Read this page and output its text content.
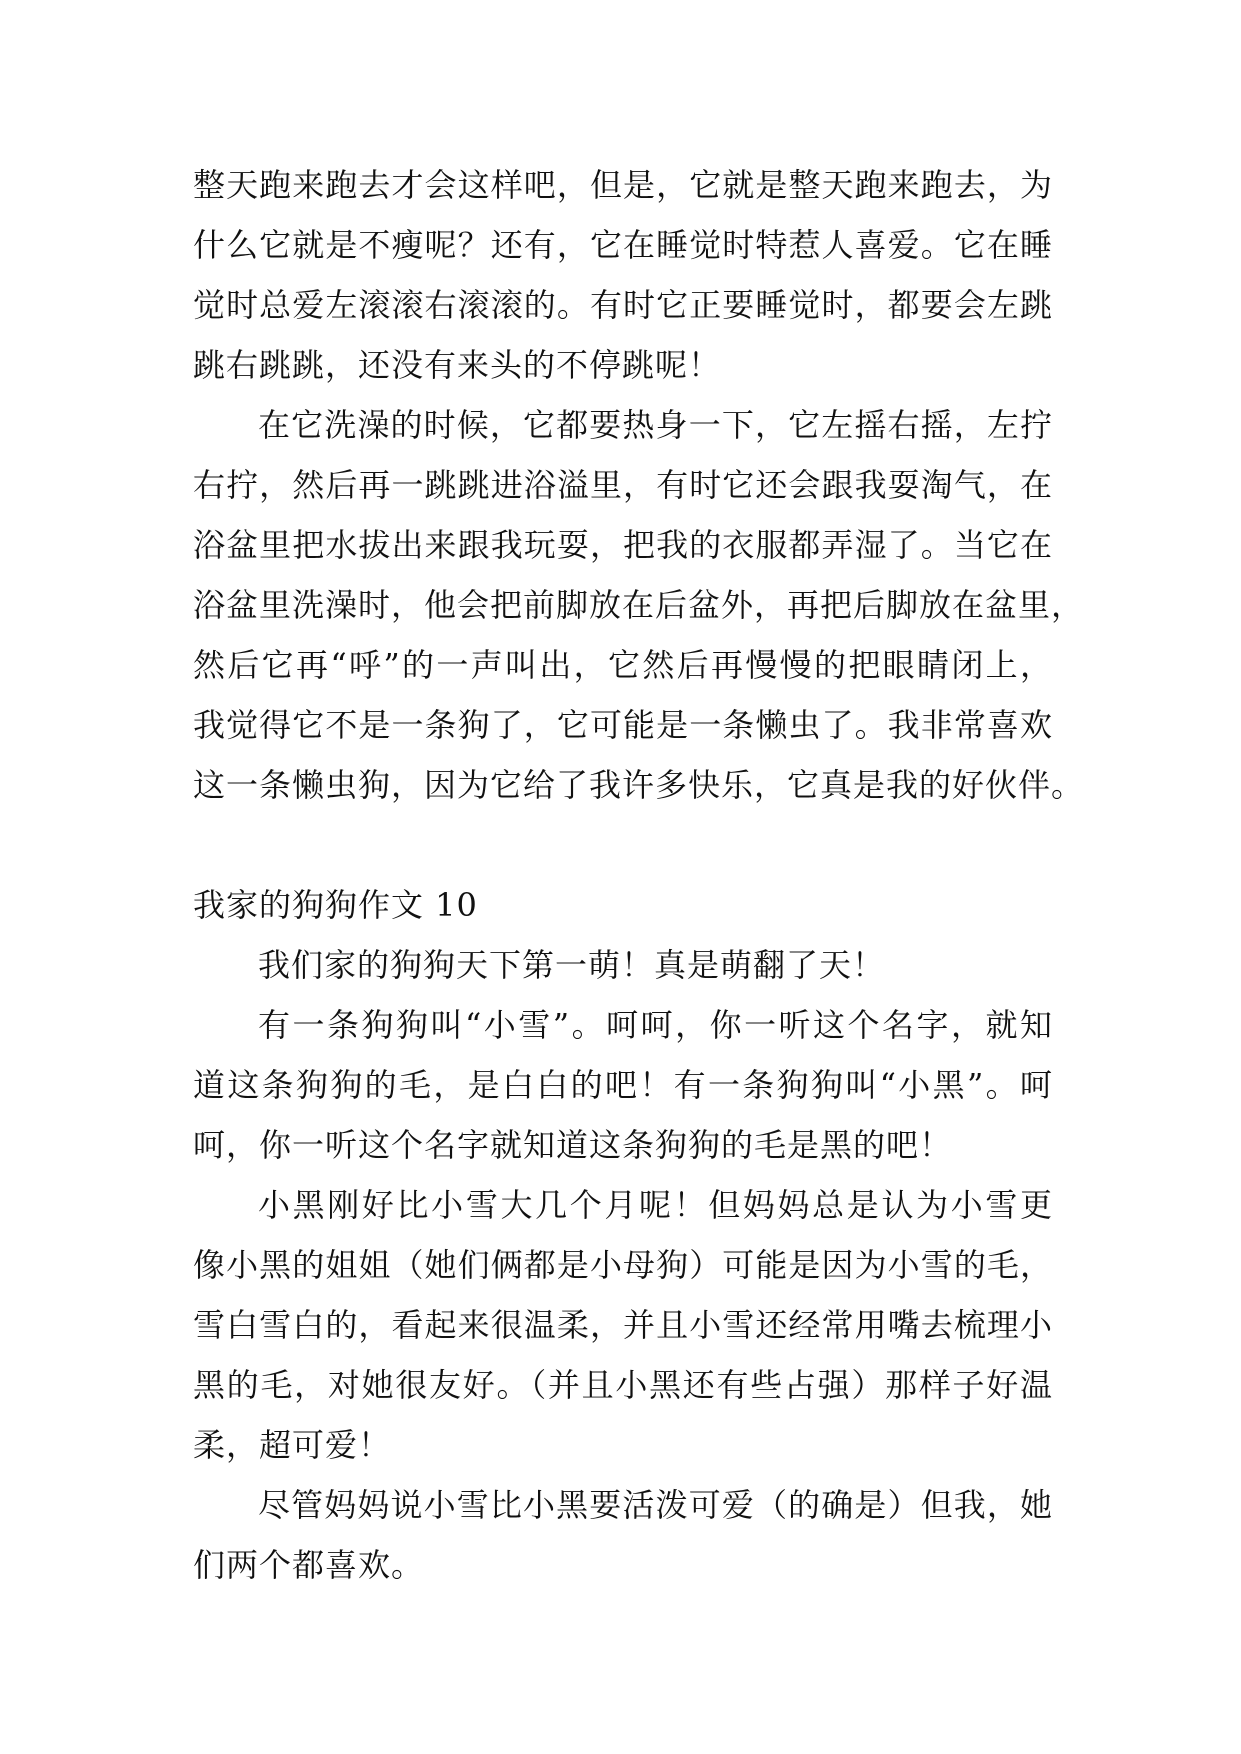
整天跑来跑去才会这样吧，但是，它就是整天跑来跑去，为
什么它就是不瘦呢？还有，它在睡觉时特惹人喜爱。它在睡
觉时总爱左滚滚右滚滚的。有时它正要睡觉时，都要会左跳
跳右跳跳，还没有来头的不停跳呢！
在它洗澡的时候，它都要热身一下，它左摇右摇，左拧
右拧，然后再一跳跳进浴溢里，有时它还会跟我耍淘气，在
浴盆里把水拔出来跟我玩耍，把我的衣服都弄湿了。当它在
浴盆里洗澡时，他会把前脚放在后盆外，再把后脚放在盆里，
然后它再“呼”的一声叫出，它然后再慢慢的把眼睛闭上，
我觉得它不是一条狗了，它可能是一条懒虫了。我非常喜欢
这一条懒虫狗，因为它给了我许多快乐，它真是我的好伙伴。
我家的狗狗作文 10
我们家的狗狗天下第一萌！真是萌翻了天！
有一条狗狗叫“小雪”。呵呵，你一听这个名字，就知
道这条狗狗的毛，是白白的吧！有一条狗狗叫“小黑”。呵
呵，你一听这个名字就知道这条狗狗的毛是黑的吧！
小黑刚好比小雪大几个月呢！但妈妈总是认为小雪更
像小黑的姐姐（她们俩都是小母狗）可能是因为小雪的毛，
雪白雪白的，看起来很温柔，并且小雪还经常用嘴去梳理小
黑的毛，对她很友好。（并且小黑还有些占强）那样子好温
柔，超可爱！
尽管妈妈说小雪比小黑要活泼可爱（的确是）但我，她
们两个都喜欢。
